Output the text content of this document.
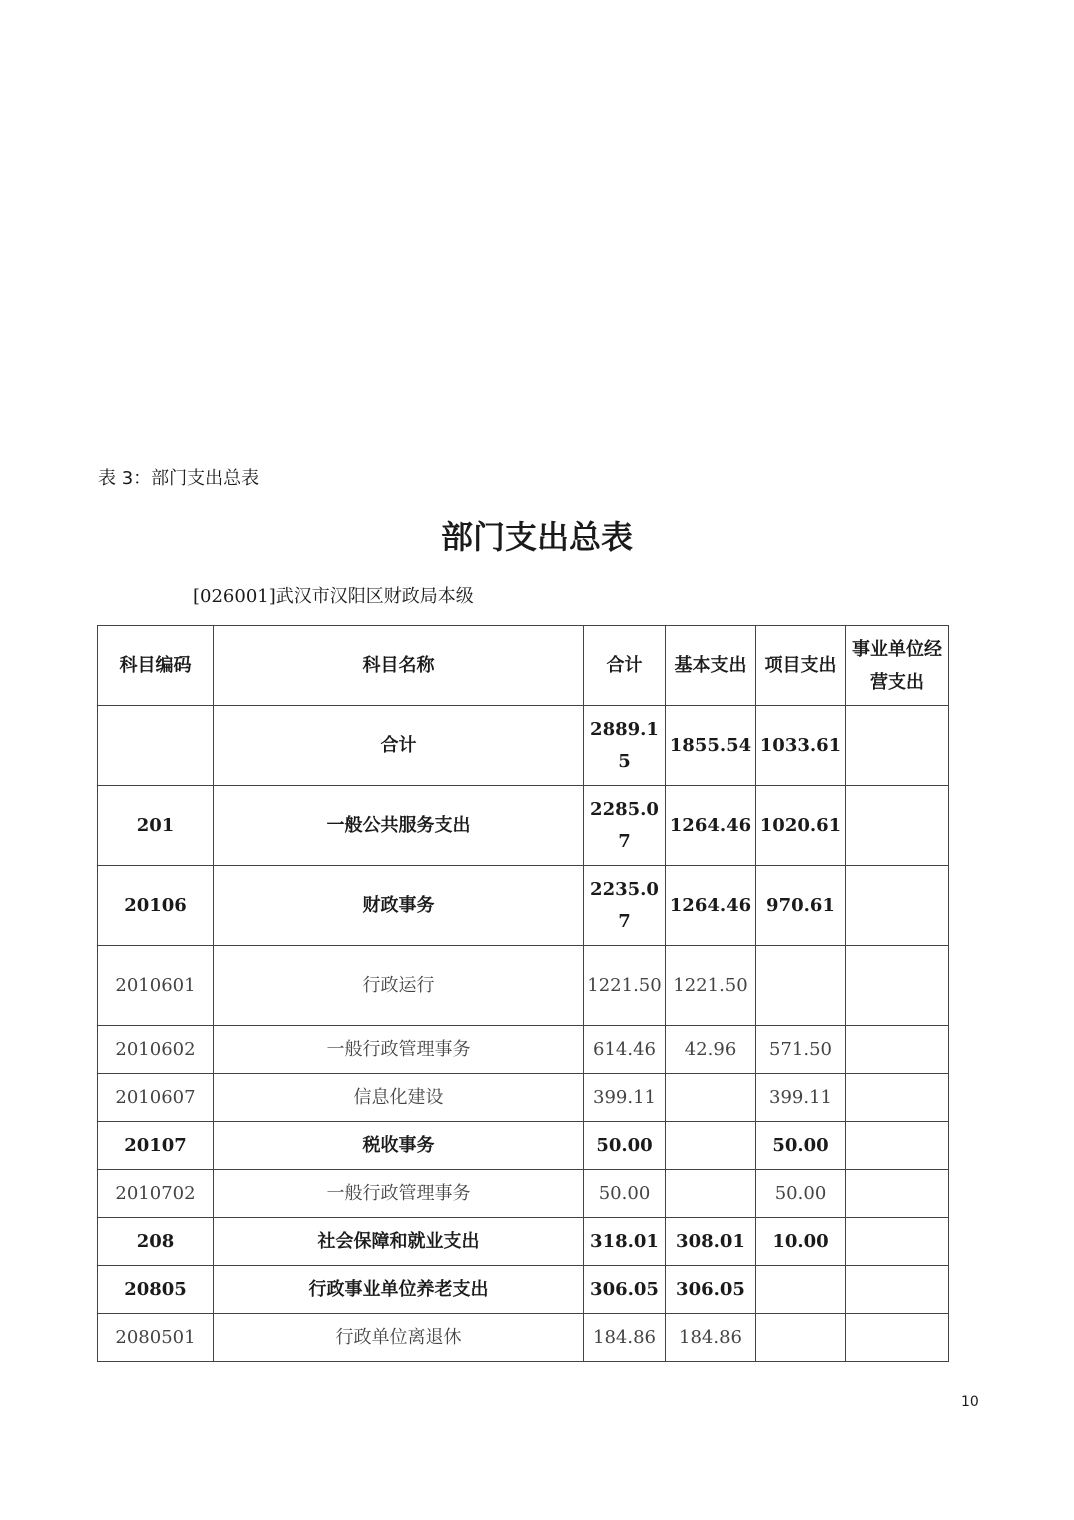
表 3：部门支出总表
部门支出总表
[026001]武汉市汉阳区财政局本级
科目编码	科目名称	合计	基本支出	项目支出	事业单位经营支出
	合计	2889.15	1855.54	1033.61	
201	一般公共服务支出	2285.07	1264.46	1020.61	
20106	财政事务	2235.07	1264.46	970.61	
2010601	行政运行	1221.50	1221.50		
2010602	一般行政管理事务	614.46	42.96	571.50	
2010607	信息化建设	399.11		399.11	
20107	税收事务	50.00		50.00	
2010702	一般行政管理事务	50.00		50.00	
208	社会保障和就业支出	318.01	308.01	10.00	
20805	行政事业单位养老支出	306.05	306.05		
2080501	行政单位离退休	184.86	184.86		
10
